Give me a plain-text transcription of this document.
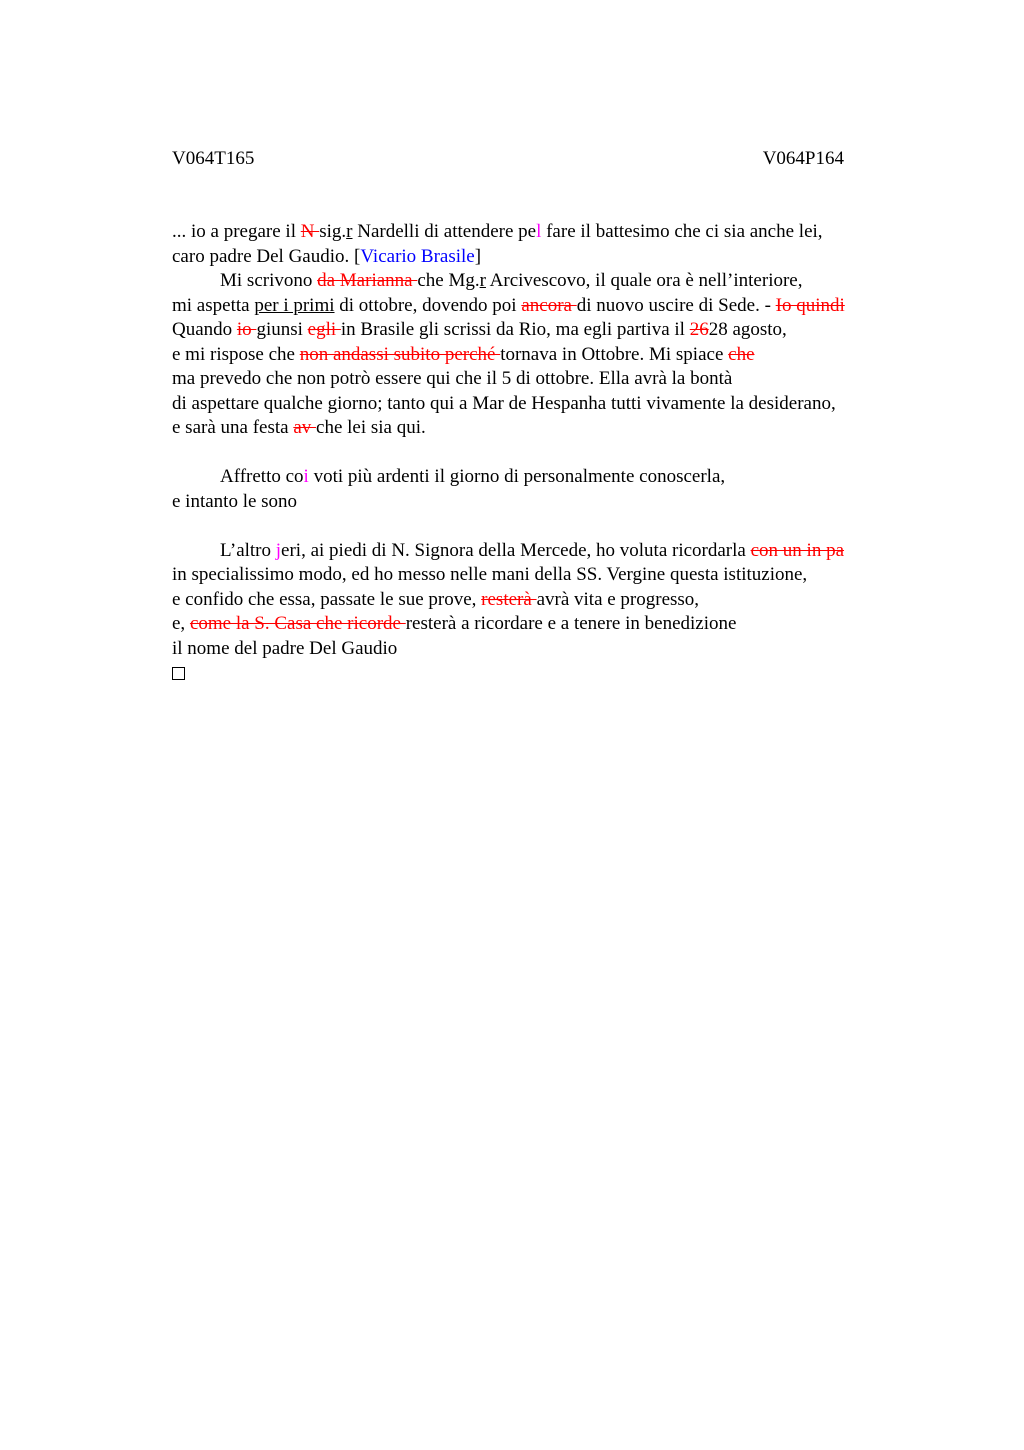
V064T165	V064P164
... io a pregare il N sig.r Nardelli di attendere pel fare il battesimo che ci sia anche lei,
caro padre Del Gaudio. [Vicario Brasile]
Mi scrivono da Marianna che Mg.r Arcivescovo, il quale ora è nell’interiore,
mi aspetta per i primi di ottobre, dovendo poi ancora di nuovo uscire di Sede. - Io quindi
Quando io giunsi egli in Brasile gli scrissi da Rio, ma egli partiva il 2628 agosto,
e mi rispose che non andassi subito perché tornava in Ottobre. Mi spiace che
ma prevedo che non potrò essere qui che il 5 di ottobre. Ella avrà la bontà
di aspettare qualche giorno; tanto qui a Mar de Hespanha tutti vivamente la desiderano,
e sarà una festa av che lei sia qui.
Affretto coi voti più ardenti il giorno di personalmente conoscerla,
e intanto le sono
L’altro jeri, ai piedi di N. Signora della Mercede, ho voluta ricordarla con un in pa
in specialissimo modo, ed ho messo nelle mani della SS. Vergine questa istituzione,
e confido che essa, passate le sue prove, resterà avrà vita e progresso,
e, come la S. Casa che ricorde resterà a ricordare e a tenere in benedizione
il nome del padre Del Gaudio
